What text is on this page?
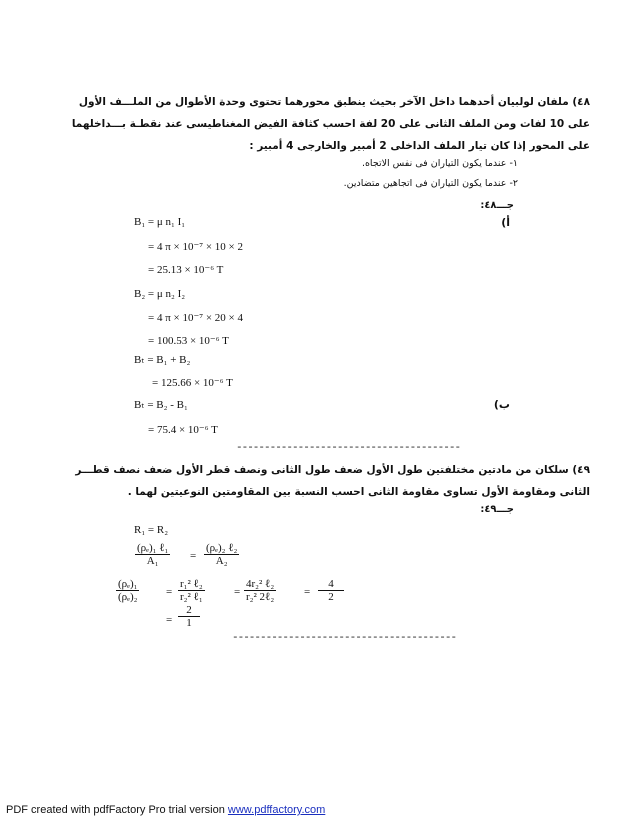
٤٨) ملفان لولبيان أحدهما داخل الآخر بحيث ينطبق محورهما تحتوى وحدة الأطوال من الملـــف الأول
على 10 لفات ومن الملف الثانى على 20 لفة احسب كثافة الفيض المغناطيسى عند نقطـة بـــداخلهما
على المحور إذا كان تيار الملف الداخلى 2 أمبير والخارجى 4 أمبير :
١- عندما يكون التياران فى نفس الاتجاه.
٢- عندما يكون التياران فى اتجاهين متضادين.
جـــ٤٨:
أ)
B₁ = μ n₁ I₁
= 4 π × 10⁻⁷ × 10 × 2
= 25.13 × 10⁻⁶ T
B₂ = μ n₂ I₂
= 4 π × 10⁻⁷ × 20 × 4
= 100.53 × 10⁻⁶ T
Bₜ = B₁ + B₂
= 125.66 × 10⁻⁶ T
ب)
Bₜ = B₂ - B₁
= 75.4 × 10⁻⁶ T
----------------------------------------
٤٩) سلكان من مادتين مختلفتين طول الأول ضعف طول الثانى ونصف قطر الأول ضعف نصف قطـــر
الثانى ومقاومة الأول تساوى مقاومة الثانى احسب النسبة بين المقاومتين النوعيتين لهما .
جـــ٤٩:
R₁ = R₂
(ρₑ)₁ ℓ₁
A₁	=
(ρₑ)₂ ℓ₂
A₂
$\frac{\text{(ρₑ)₁}}{\text{(ρₑ)₂}}$ =
r₁² ℓ₂
r₂² ℓ₁	=
4r₂² ℓ₂
r₂² 2ℓ₂	= $\frac{4}{2}$
= $\frac{2}{1}$
----------------------------------------
PDF created with pdfFactory Pro trial version www.pdffactory.com
